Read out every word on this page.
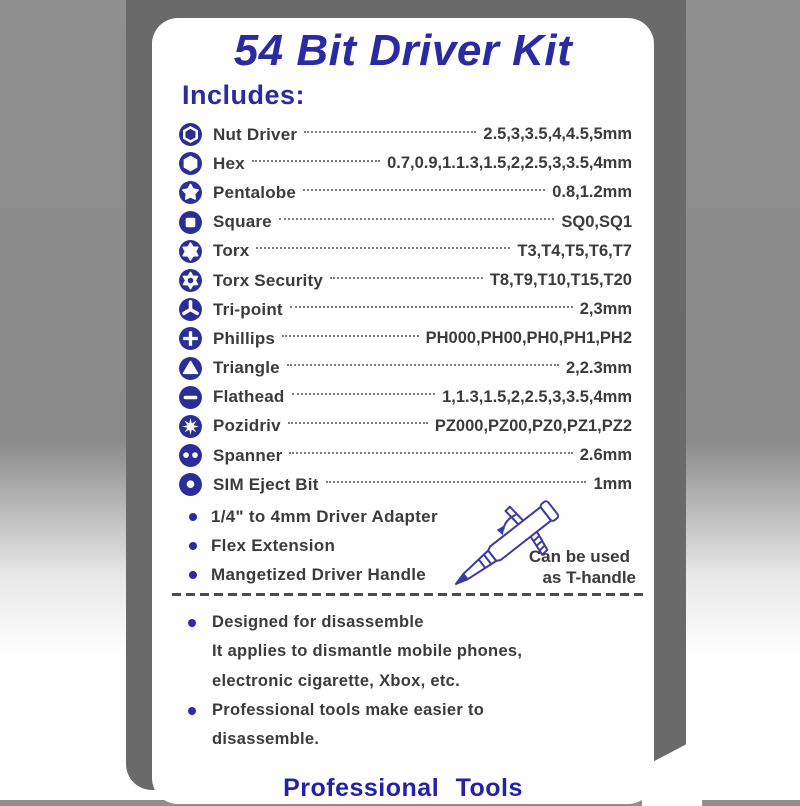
54 Bit Driver Kit
Includes:
Nut Driver	2.5,3,3.5,4,4.5,5mm
Hex	0.7,0.9,1.1.3,1.5,2,2.5,3,3.5,4mm
Pentalobe	0.8,1.2mm
Square	SQ0,SQ1
Torx	T3,T4,T5,T6,T7
Torx Security	T8,T9,T10,T15,T20
Tri-point	2,3mm
Phillips	PH000,PH00,PH0,PH1,PH2
Triangle	2,2.3mm
Flathead	1,1.3,1.5,2,2.5,3,3.5,4mm
Pozidriv	PZ000,PZ00,PZ0,PZ1,PZ2
Spanner	2.6mm
SIM Eject Bit	1mm
1/4" to 4mm Driver Adapter
Flex Extension
Mangetized Driver Handle
Can be used
as T-handle
Designed for disassemble
It applies to dismantle mobile phones,
electronic cigarette, Xbox, etc.
Professional tools make easier to
disassemble.
Professional Tools
